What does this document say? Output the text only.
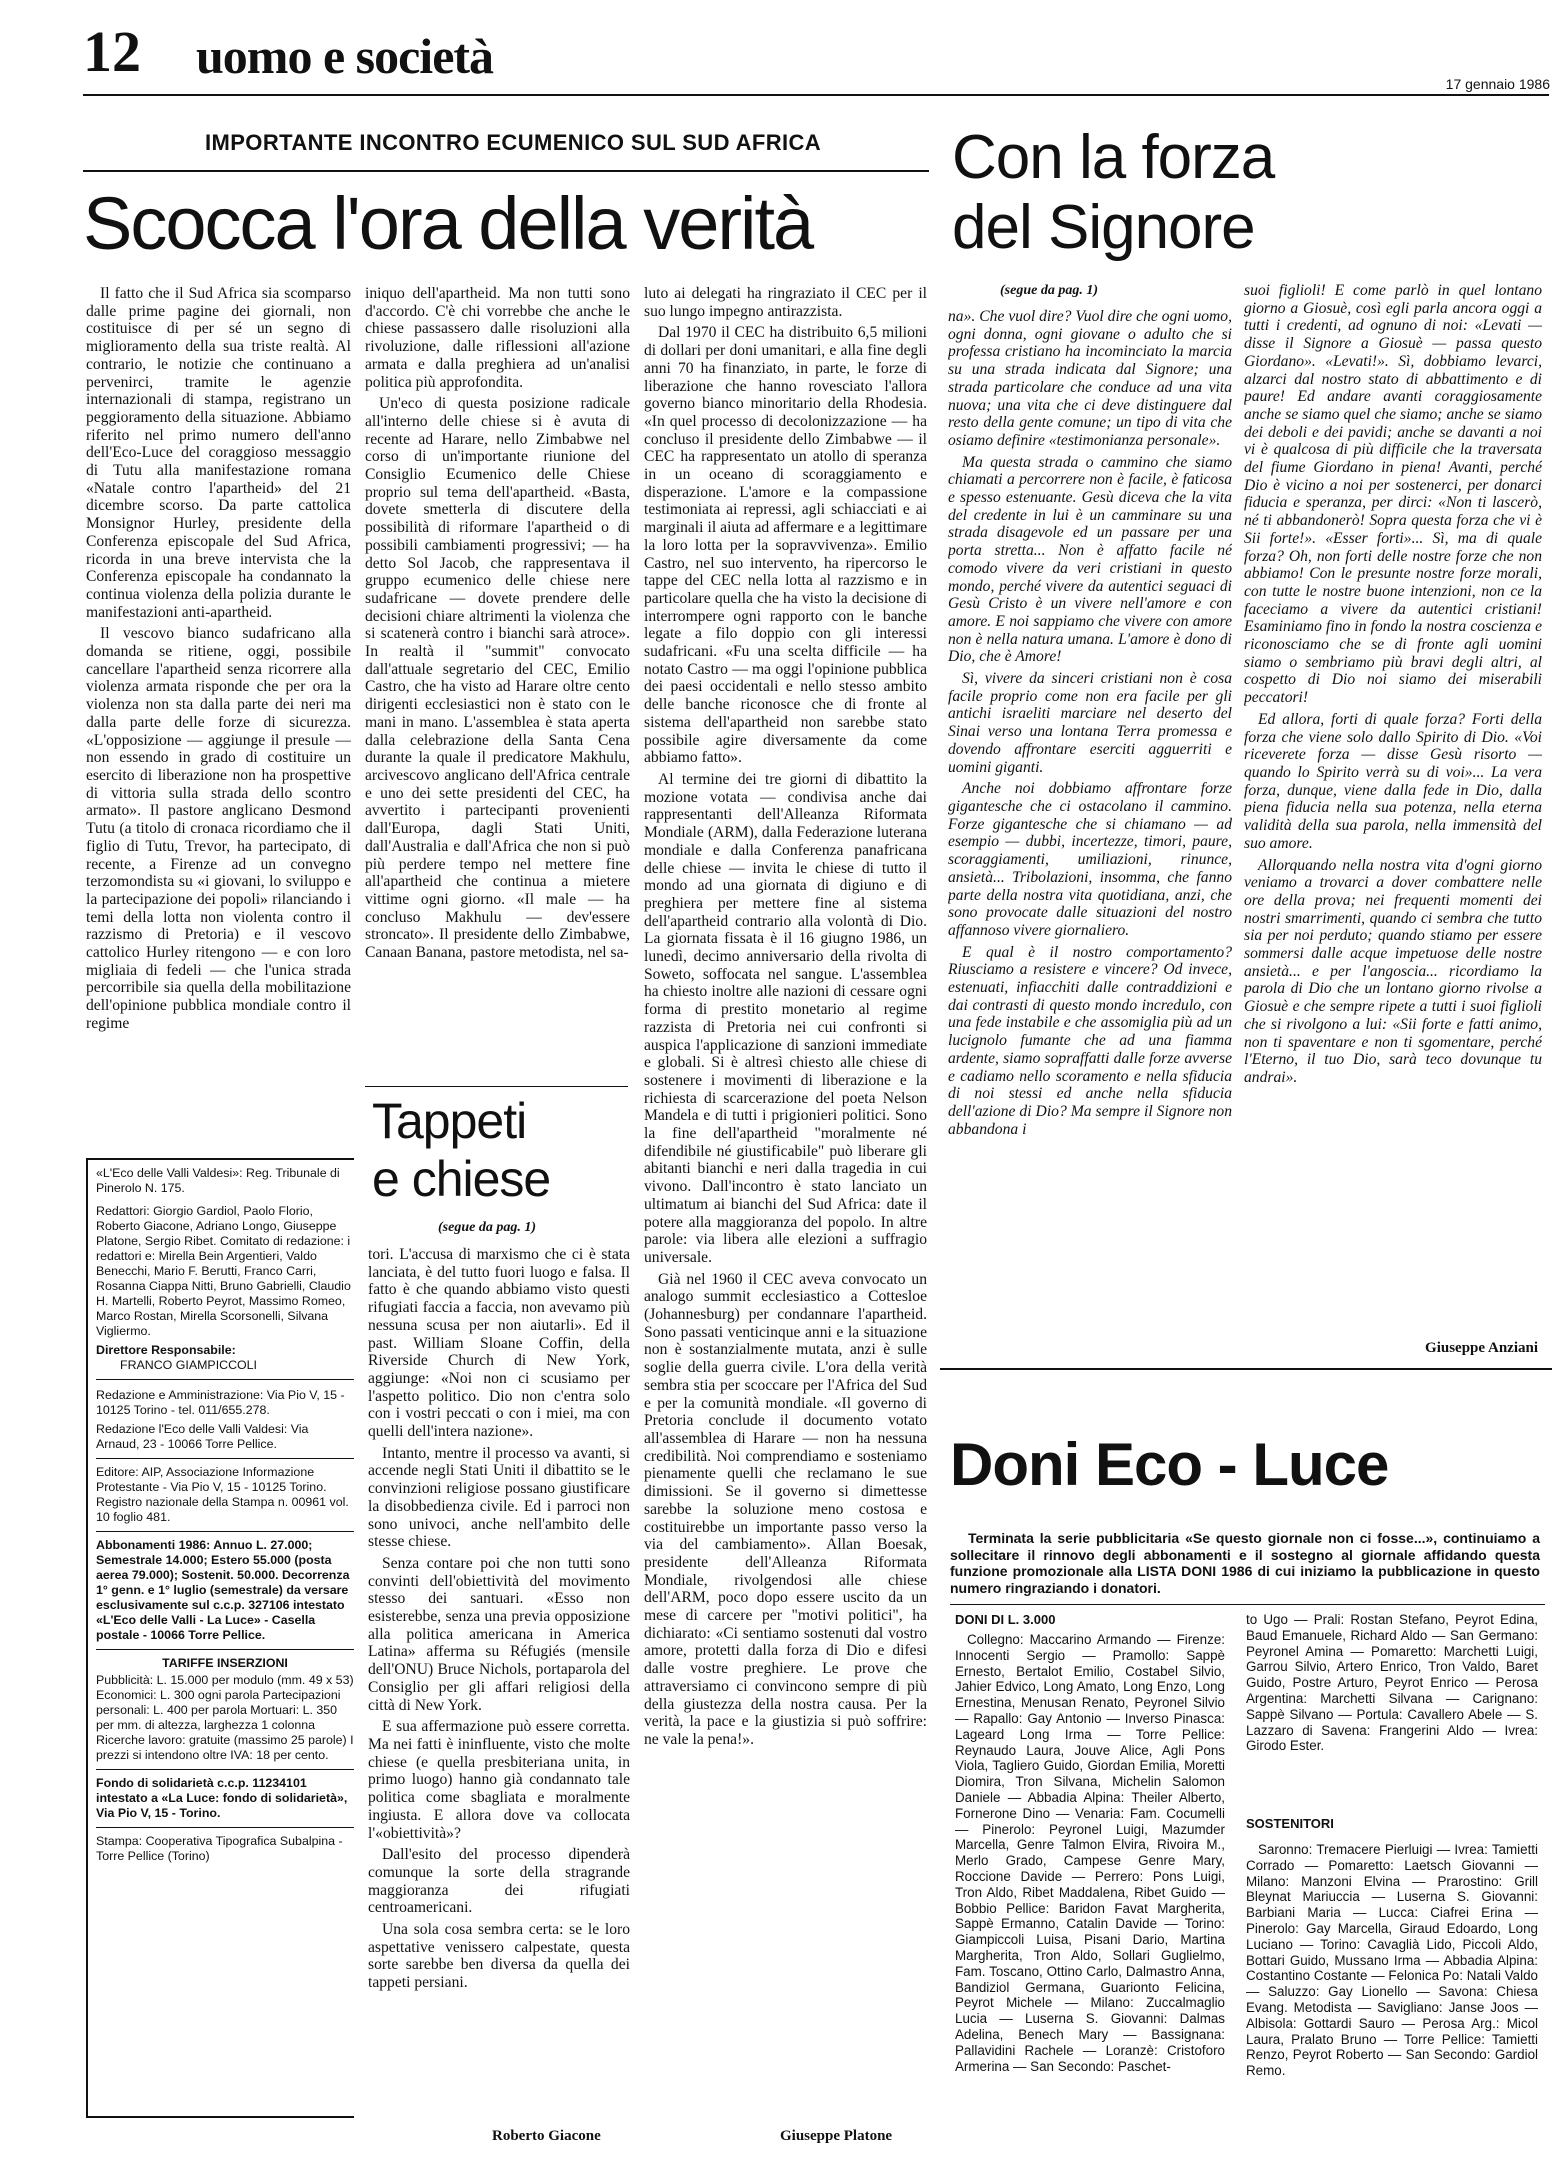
12 uomo e società	17 gennaio 1986
IMPORTANTE INCONTRO ECUMENICO SUL SUD AFRICA
Scocca l'ora della verità

Il fatto che il Sud Africa sia scomparso dalle prime pagine dei giornali, non costituisce di per sé un segno di miglioramento della sua triste realtà. Al contrario, le notizie che continuano a pervenirci, tramite le agenzie internazionali di stampa, registrano un peggioramento della situazione. Abbiamo riferito nel primo numero dell'anno dell'Eco-Luce del coraggioso messaggio di Tutu alla manifestazione romana «Natale contro l'apartheid» del 21 dicembre scorso. Da parte cattolica Monsignor Hurley, presidente della Conferenza episcopale del Sud Africa, ricorda in una breve intervista che la Conferenza episcopale ha condannato la continua violenza della polizia durante le manifestazioni anti-apartheid.

Il vescovo bianco sudafricano alla domanda se ritiene, oggi, possibile cancellare l'apartheid senza ricorrere alla violenza armata risponde che per ora la violenza non sta dalla parte dei neri ma dalla parte delle forze di sicurezza. «L'opposizione — aggiunge il presule — non essendo in grado di costituire un esercito di liberazione non ha prospettive di vittoria sulla strada dello scontro armato». Il pastore anglicano Desmond Tutu (a titolo di cronaca ricordiamo che il figlio di Tutu, Trevor, ha partecipato, di recente, a Firenze ad un convegno terzomondista su «i giovani, lo sviluppo e la partecipazione dei popoli» rilanciando i temi della lotta non violenta contro il razzismo di Pretoria) e il vescovo cattolico Hurley ritengono — e con loro migliaia di fedeli — che l'unica strada percorribile sia quella della mobilitazione dell'opinione pubblica mondiale contro il regime

iniquo dell'apartheid. Ma non tutti sono d'accordo. C'è chi vorrebbe che anche le chiese passassero dalle risoluzioni alla rivoluzione, dalle riflessioni all'azione armata e dalla preghiera ad un'analisi politica più approfondita.

Un'eco di questa posizione radicale all'interno delle chiese si è avuta di recente ad Harare, nello Zimbabwe nel corso di un'importante riunione del Consiglio Ecumenico delle Chiese proprio sul tema dell'apartheid. «Basta, dovete smetterla di discutere della possibilità di riformare l'apartheid o di possibili cambiamenti progressivi; — ha detto Sol Jacob, che rappresentava il gruppo ecumenico delle chiese nere sudafricane — dovete prendere delle decisioni chiare altrimenti la violenza che si scatenerà contro i bianchi sarà atroce». In realtà il "summit" convocato dall'attuale segretario del CEC, Emilio Castro, che ha visto ad Harare oltre cento dirigenti ecclesiastici non è stato con le mani in mano. L'assemblea è stata aperta dalla celebrazione della Santa Cena durante la quale il predicatore Makhulu, arcivescovo anglicano dell'Africa centrale e uno dei sette presidenti del CEC, ha avvertito i partecipanti provenienti dall'Europa, dagli Stati Uniti, dall'Australia e dall'Africa che non si può più perdere tempo nel mettere fine all'apartheid che continua a mietere vittime ogni giorno. «Il male — ha concluso Makhulu — dev'essere stroncato». Il presidente dello Zimbabwe, Canaan Banana, pastore metodista, nel sa-

luto ai delegati ha ringraziato il CEC per il suo lungo impegno antirazzista.

Dal 1970 il CEC ha distribuito 6,5 milioni di dollari per doni umanitari, e alla fine degli anni 70 ha finanziato, in parte, le forze di liberazione che hanno rovesciato l'allora governo bianco minoritario della Rhodesia. «In quel processo di decolonizzazione — ha concluso il presidente dello Zimbabwe — il CEC ha rappresentato un atollo di speranza in un oceano di scoraggiamento e disperazione. L'amore e la compassione testimoniata ai repressi, agli schiacciati e ai marginali il aiuta ad affermare e a legittimare la loro lotta per la sopravvivenza». Emilio Castro, nel suo intervento, ha ripercorso le tappe del CEC nella lotta al razzismo e in particolare quella che ha visto la decisione di interrompere ogni rapporto con le banche legate a filo doppio con gli interessi sudafricani. «Fu una scelta difficile — ha notato Castro — ma oggi l'opinione pubblica dei paesi occidentali e nello stesso ambito delle banche riconosce che di fronte al sistema dell'apartheid non sarebbe stato possibile agire diversamente da come abbiamo fatto».

Al termine dei tre giorni di dibattito la mozione votata — condivisa anche dai rappresentanti dell'Alleanza Riformata Mondiale (ARM), dalla Federazione luterana mondiale e dalla Conferenza panafricana delle chiese — invita le chiese di tutto il mondo ad una giornata di digiuno e di preghiera per mettere fine al sistema dell'apartheid contrario alla volontà di Dio. La giornata fissata è il 16 giugno 1986, un lunedì, decimo anniversario della rivolta di Soweto, soffocata nel sangue. L'assemblea ha chiesto inoltre alle nazioni di cessare ogni forma di prestito monetario al regime razzista di Pretoria nei cui confronti si auspica l'applicazione di sanzioni immediate e globali. Si è altresì chiesto alle chiese di sostenere i movimenti di liberazione e la richiesta di scarcerazione del poeta Nelson Mandela e di tutti i prigionieri politici. Sono la fine dell'apartheid "moralmente né difendibile né giustificabile" può liberare gli abitanti bianchi e neri dalla tragedia in cui vivono. Dall'incontro è stato lanciato un ultimatum ai bianchi del Sud Africa: date il potere alla maggioranza del popolo. In altre parole: via libera alle elezioni a suffragio universale.

Già nel 1960 il CEC aveva convocato un analogo summit ecclesiastico a Cottesloe (Johannesburg) per condannare l'apartheid. Sono passati venticinque anni e la situazione non è sostanzialmente mutata, anzi è sulle soglie della guerra civile. L'ora della verità sembra stia per scoccare per l'Africa del Sud e per la comunità mondiale. «Il governo di Pretoria conclude il documento votato all'assemblea di Harare — non ha nessuna credibilità. Noi comprendiamo e sosteniamo pienamente quelli che reclamano le sue dimissioni. Se il governo si dimettesse sarebbe la soluzione meno costosa e costituirebbe un importante passo verso la via del cambiamento». Allan Boesak, presidente dell'Alleanza Riformata Mondiale, rivolgendosi alle chiese dell'ARM, poco dopo essere uscito da un mese di carcere per "motivi politici", ha dichiarato: «Ci sentiamo sostenuti dal vostro amore, protetti dalla forza di Dio e difesi dalle vostre preghiere. Le prove che attraversiamo ci convincono sempre di più della giustezza della nostra causa. Per la verità, la pace e la giustizia si può soffrire: ne vale la pena!».

Giuseppe Platone
«L'Eco delle Valli Valdesi»: Reg. Tribunale di Pinerolo N. 175.
Redattori: Giorgio Gardiol, Paolo Florio, Roberto Giacone, Adriano Longo, Giuseppe Platone, Sergio Ribet. Comitato di redazione: i redattori e: Mirella Bein Argentieri, Valdo Benecchi, Mario F. Berutti, Franco Carri, Rosanna Ciappa Nitti, Bruno Gabrielli, Claudio H. Martelli, Roberto Peyrot, Massimo Romeo, Marco Rostan, Mirella Scorsonelli, Silvana Vigliermo.
Direttore Responsabile:
FRANCO GIAMPICCOLI
Redazione e Amministrazione: Via Pio V, 15 - 10125 Torino - tel. 011/655.278.
Redazione l'Eco delle Valli Valdesi: Via Arnaud, 23 - 10066 Torre Pellice.
Editore: AIP, Associazione Informazione Protestante - Via Pio V, 15 - 10125 Torino.
Registro nazionale della Stampa n. 00961 vol. 10 foglio 481.
Abbonamenti 1986: Annuo L. 27.000; Semestrale 14.000; Estero 55.000 (posta aerea 79.000); Sostenit. 50.000. Decorrenza 1° genn. e 1° luglio (semestrale) da versare esclusivamente sul c.c.p. 327106 intestato «L'Eco delle Valli - La Luce» - Casella postale - 10066 Torre Pellice.
TARIFFE INSERZIONI
Pubblicità: L. 15.000 per modulo (mm. 49 x 53) Economici: L. 300 ogni parola Partecipazioni personali: L. 400 per parola Mortuari: L. 350 per mm. di altezza, larghezza 1 colonna Ricerche lavoro: gratuite (massimo 25 parole) I prezzi si intendono oltre IVA: 18 per cento.
Fondo di solidarietà c.c.p. 11234101 intestato a «La Luce: fondo di solidarietà», Via Pio V, 15 - Torino.
Stampa: Cooperativa Tipografica Subalpina - Torre Pellice (Torino)
Tappeti
e chiese
(segue da pag. 1)

tori. L'accusa di marxismo che ci è stata lanciata, è del tutto fuori luogo e falsa. Il fatto è che quando abbiamo visto questi rifugiati faccia a faccia, non avevamo più nessuna scusa per non aiutarli». Ed il past. William Sloane Coffin, della Riverside Church di New York, aggiunge: «Noi non ci scusiamo per l'aspetto politico. Dio non c'entra solo con i vostri peccati o con i miei, ma con quelli dell'intera nazione».

Intanto, mentre il processo va avanti, si accende negli Stati Uniti il dibattito se le convinzioni religiose possano giustificare la disobbedienza civile. Ed i parroci non sono univoci, anche nell'ambito delle stesse chiese.

Senza contare poi che non tutti sono convinti dell'obiettività del movimento stesso dei santuari. «Esso non esisterebbe, senza una previa opposizione alla politica americana in America Latina» afferma su Réfugiés (mensile dell'ONU) Bruce Nichols, portaparola del Consiglio per gli affari religiosi della città di New York.

E sua affermazione può essere corretta. Ma nei fatti è ininfluente, visto che molte chiese (e quella presbiteriana unita, in primo luogo) hanno già condannato tale politica come sbagliata e moralmente ingiusta. E allora dove va collocata l'«obiettività»?

Dall'esito del processo dipenderà comunque la sorte della stragrande maggioranza dei rifugiati centroamericani.

Una sola cosa sembra certa: se le loro aspettative venissero calpestate, questa sorte sarebbe ben diversa da quella dei tappeti persiani.

Roberto Giacone
Con la forza
del Signore
(segue da pag. 1)

na». Che vuol dire? Vuol dire che ogni uomo, ogni donna, ogni giovane o adulto che si professa cristiano ha incominciato la marcia su una strada indicata dal Signore; una strada particolare che conduce ad una vita nuova; una vita che ci deve distinguere dal resto della gente comune; un tipo di vita che osiamo definire «testimonianza personale».

Ma questa strada o cammino che siamo chiamati a percorrere non è facile, è faticosa e spesso estenuante. Gesù diceva che la vita del credente in lui è un camminare su una strada disagevole ed un passare per una porta stretta... Non è affatto facile né comodo vivere da veri cristiani in questo mondo, perché vivere da autentici seguaci di Gesù Cristo è un vivere nell'amore e con amore. E noi sappiamo che vivere con amore non è nella natura umana. L'amore è dono di Dio, che è Amore!

Sì, vivere da sinceri cristiani non è cosa facile proprio come non era facile per gli antichi israeliti marciare nel deserto del Sinai verso una lontana Terra promessa e dovendo affrontare eserciti agguerriti e uomini giganti.

Anche noi dobbiamo affrontare forze gigantesche che ci ostacolano il cammino. Forze gigantesche che si chiamano — ad esempio — dubbi, incertezze, timori, paure, scoraggiamenti, umiliazioni, rinunce, ansietà... Tribolazioni, insomma, che fanno parte della nostra vita quotidiana, anzi, che sono provocate dalle situazioni del nostro affannoso vivere giornaliero.

E qual è il nostro comportamento? Riusciamo a resistere e vincere? Od invece, estenuati, infiacchiti dalle contraddizioni e dai contrasti di questo mondo incredulo, con una fede instabile e che assomiglia più ad un lucignolo fumante che ad una fiamma ardente, siamo sopraffatti dalle forze avverse e cadiamo nello scoramento e nella sfiducia di noi stessi ed anche nella sfiducia dell'azione di Dio? Ma sempre il Signore non abbandona i

suoi figlioli! E come parlò in quel lontano giorno a Giosuè, così egli parla ancora oggi a tutti i credenti, ad ognuno di noi: «Levati — disse il Signore a Giosuè — passa questo Giordano». «Levati!». Sì, dobbiamo levarci, alzarci dal nostro stato di abbattimento e di paure! Ed andare avanti coraggiosamente anche se siamo quel che siamo; anche se siamo dei deboli e dei pavidi; anche se davanti a noi vi è qualcosa di più difficile che la traversata del fiume Giordano in piena! Avanti, perché Dio è vicino a noi per sostenerci, per donarci fiducia e speranza, per dirci: «Non ti lascerò, né ti abbandonerò! Sopra questa forza che vi è Sii forte!». «Esser forti»... Sì, ma di quale forza? Oh, non forti delle nostre forze che non abbiamo! Con le presunte nostre forze morali, con tutte le nostre buone intenzioni, non ce la faceciamo a vivere da autentici cristiani! Esaminiamo fino in fondo la nostra coscienza e riconosciamo che se di fronte agli uomini siamo o sembriamo più bravi degli altri, al cospetto di Dio noi siamo dei miserabili peccatori!

Ed allora, forti di quale forza? Forti della forza che viene solo dallo Spirito di Dio. «Voi riceverete forza — disse Gesù risorto — quando lo Spirito verrà su di voi»... La vera forza, dunque, viene dalla fede in Dio, dalla piena fiducia nella sua potenza, nella eterna validità della sua parola, nella immensità del suo amore.

Allorquando nella nostra vita d'ogni giorno veniamo a trovarci a dover combattere nelle ore della prova; nei frequenti momenti dei nostri smarrimenti, quando ci sembra che tutto sia per noi perduto; quando stiamo per essere sommersi dalle acque impetuose delle nostre ansietà... e per l'angoscia... ricordiamo la parola di Dio che un lontano giorno rivolse a Giosuè e che sempre ripete a tutti i suoi figlioli che si rivolgono a lui: «Sii forte e fatti animo, non ti spaventare e non ti sgomentare, perché l'Eterno, il tuo Dio, sarà teco dovunque tu andrai».

Giuseppe Anziani
Doni Eco - Luce
Terminata la serie pubblicitaria «Se questo giornale non ci fosse...», continuiamo a sollecitare il rinnovo degli abbonamenti e il sostegno al giornale affidando questa funzione promozionale alla LISTA DONI 1986 di cui iniziamo la pubblicazione in questo numero ringraziando i donatori.
DONI DI L. 3.000
Collegno: Maccarino Armando — Firenze: Innocenti Sergio — Pramollo: Sappè Ernesto, Bertalot Emilio, Costabel Silvio, Jahier Edvico, Long Amato, Long Enzo, Long Ernestina, Menusan Renato, Peyronel Silvio — Rapallo: Gay Antonio — Inverso Pinasca: Lageard Long Irma — Torre Pellice: Reynaudo Laura, Jouve Alice, Agli Pons Viola, Tagliero Guido, Giordan Emilia, Moretti Diomira, Tron Silvana, Michelin Salomon Daniele — Abbadia Alpina: Theiler Alberto, Fornerone Dino — Venaria: Fam. Cocumelli — Pinerolo: Peyronel Luigi, Mazumder Marcella, Genre Talmon Elvira, Rivoira M., Merlo Grado, Campese Genre Mary, Roccione Davide — Perrero: Pons Luigi, Tron Aldo, Ribet Maddalena, Ribet Guido — Bobbio Pellice: Baridon Favat Margherita, Sappè Ermanno, Catalin Davide — Torino: Giampiccoli Luisa, Pisani Dario, Martina Margherita, Tron Aldo, Sollari Guglielmo, Fam. Toscano, Ottino Carlo, Dalmastro Anna, Bandiziol Germana, Guarionto Felicina, Peyrot Michele — Milano: Zuccalmaglio Lucia — Luserna S. Giovanni: Dalmas Adelina, Benech Mary — Bassignana: Pallavidini Rachele — Loranzè: Cristoforo Armerina — San Secondo: Paschet-
to Ugo — Prali: Rostan Stefano, Peyrot Edina, Baud Emanuele, Richard Aldo — San Germano: Peyronel Amina — Pomaretto: Marchetti Luigi, Garrou Silvio, Artero Enrico, Tron Valdo, Baret Guido, Postre Arturo, Peyrot Enrico — Perosa Argentina: Marchetti Silvana — Carignano: Sappè Silvano — Portula: Cavallero Abele — S. Lazzaro di Savena: Frangerini Aldo — Ivrea: Girodo Ester.
SOSTENITORI
Saronno: Tremacere Pierluigi — Ivrea: Tamietti Corrado — Pomaretto: Laetsch Giovanni — Milano: Manzoni Elvina — Prarostino: Grill Bleynat Mariuccia — Luserna S. Giovanni: Barbiani Maria — Lucca: Ciafrei Erina — Pinerolo: Gay Marcella, Giraud Edoardo, Long Luciano — Torino: Cavaglià Lido, Piccoli Aldo, Bottari Guido, Mussano Irma — Abbadia Alpina: Costantino Costante — Felonica Po: Natali Valdo — Saluzzo: Gay Lionello — Savona: Chiesa Evang. Metodista — Savigliano: Janse Joos — Albisola: Gottardi Sauro — Perosa Arg.: Micol Laura, Pralato Bruno — Torre Pellice: Tamietti Renzo, Peyrot Roberto — San Secondo: Gardiol Remo.
